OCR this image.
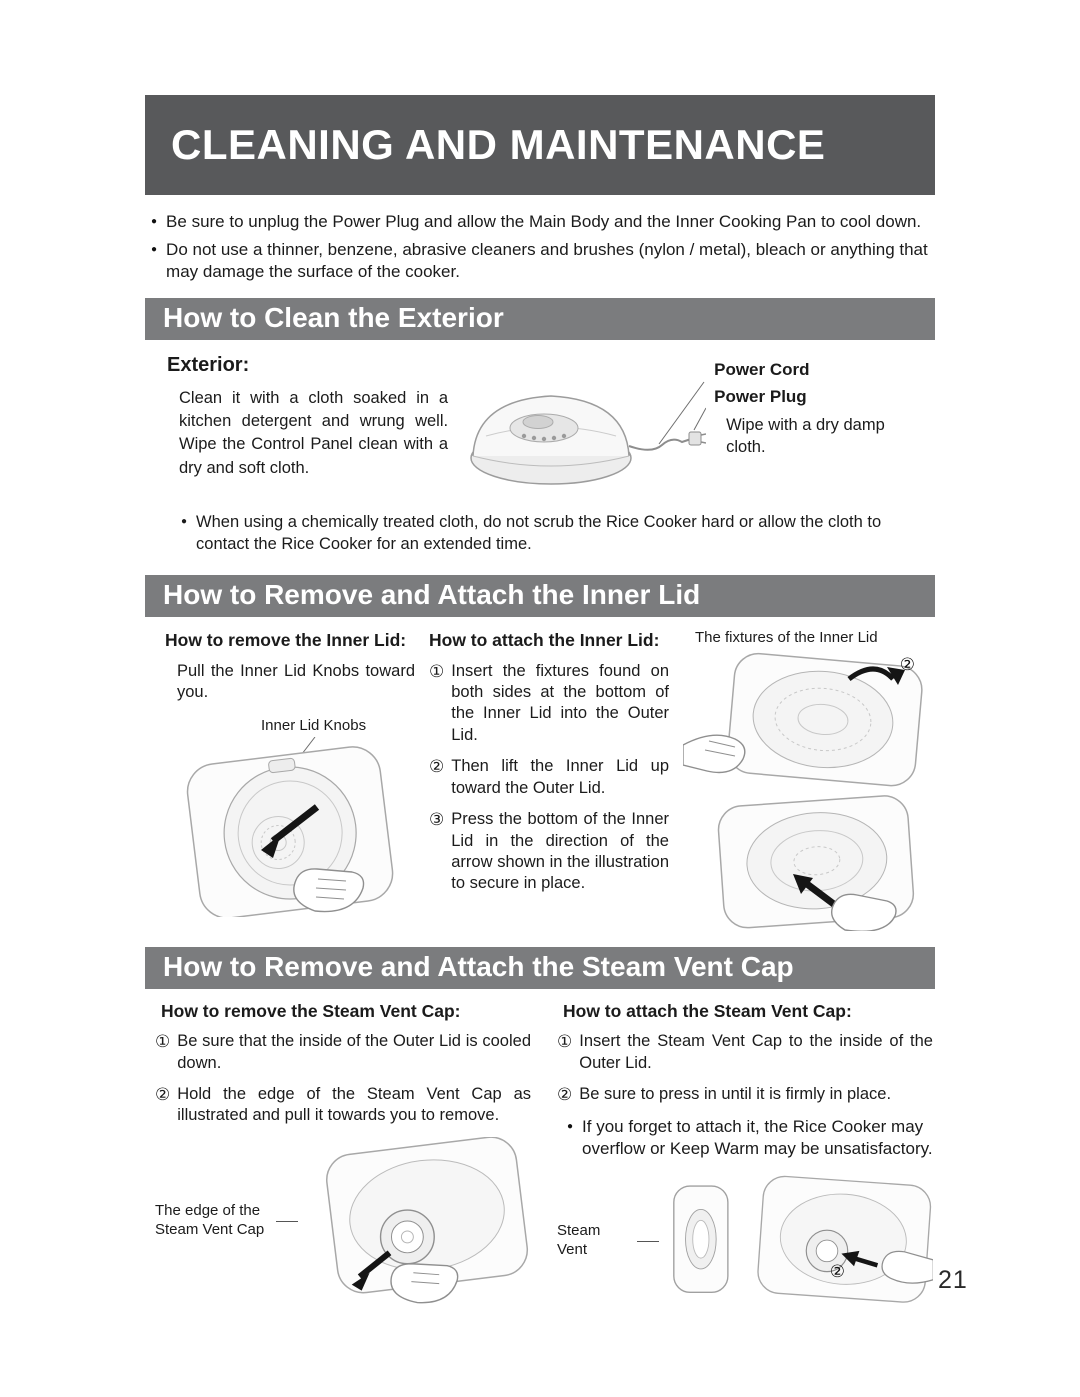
CLEANING AND MAINTENANCE
● Be sure to unplug the Power Plug and allow the Main Body and the Inner Cooking Pan to cool down.
● Do not use a thinner, benzene, abrasive cleaners and brushes (nylon / metal), bleach or anything that may damage the surface of the cooker.
How to Clean the Exterior
Exterior:

Clean it with a cloth soaked in a kitchen detergent and wrung well. Wipe the Control Panel clean with a dry and soft cloth.

Power Cord
Power Plug

Wipe with a dry damp cloth.

● When using a chemically treated cloth, do not scrub the Rice Cooker hard or allow the cloth to contact the Rice Cooker for an extended time.
How to Remove and Attach the Inner Lid
How to remove the Inner Lid:

Pull the Inner Lid Knobs toward you.

Inner Lid Knobs
How to attach the Inner Lid:
① Insert the fixtures found on both sides at the bottom of the Inner Lid into the Outer Lid.
② Then lift the Inner Lid up toward the Outer Lid.
③ Press the bottom of the Inner Lid in the direction of the arrow shown in the illustration to secure in place.
The fixtures of the Inner Lid
②
How to Remove and Attach the Steam Vent Cap
How to remove the Steam Vent Cap:
① Be sure that the inside of the Outer Lid is cooled down.
② Hold the edge of the Steam Vent Cap as illustrated and pull it towards you to remove.
The edge of the Steam Vent Cap
How to attach the Steam Vent Cap:
① Insert the Steam Vent Cap to the inside of the Outer Lid.
② Be sure to press in until it is firmly in place.
● If you forget to attach it, the Rice Cooker may overflow or Keep Warm may be unsatisfactory.
Steam Vent
②	21
